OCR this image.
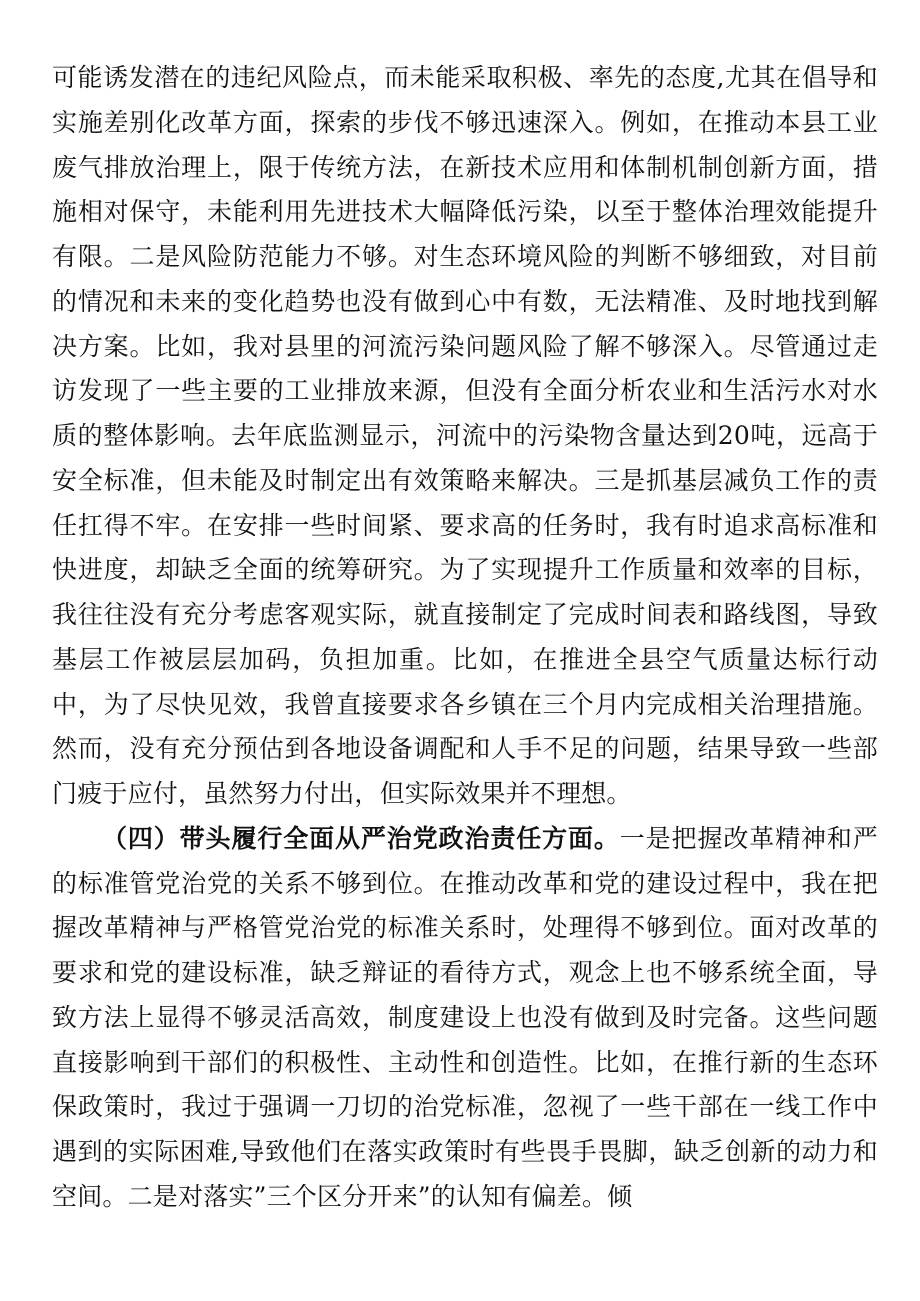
可能诱发潜在的违纪风险点，而未能采取积极、率先的态度,尤其在倡导和实施差别化改革方面，探索的步伐不够迅速深入。例如，在推动本县工业废气排放治理上，限于传统方法，在新技术应用和体制机制创新方面，措施相对保守，未能利用先进技术大幅降低污染，以至于整体治理效能提升有限。二是风险防范能力不够。对生态环境风险的判断不够细致，对目前的情况和未来的变化趋势也没有做到心中有数，无法精准、及时地找到解决方案。比如，我对县里的河流污染问题风险了解不够深入。尽管通过走访发现了一些主要的工业排放来源，但没有全面分析农业和生活污水对水质的整体影响。去年底监测显示，河流中的污染物含量达到20吨，远高于安全标准，但未能及时制定出有效策略来解决。三是抓基层减负工作的责任扛得不牢。在安排一些时间紧、要求高的任务时，我有时追求高标准和快进度，却缺乏全面的统筹研究。为了实现提升工作质量和效率的目标，我往往没有充分考虑客观实际，就直接制定了完成时间表和路线图，导致基层工作被层层加码，负担加重。比如，在推进全县空气质量达标行动中，为了尽快见效，我曾直接要求各乡镇在三个月内完成相关治理措施。然而，没有充分预估到各地设备调配和人手不足的问题，结果导致一些部门疲于应付，虽然努力付出，但实际效果并不理想。

（四）带头履行全面从严治党政治责任方面。一是把握改革精神和严的标准管党治党的关系不够到位。在推动改革和党的建设过程中，我在把握改革精神与严格管党治党的标准关系时，处理得不够到位。面对改革的要求和党的建设标准，缺乏辩证的看待方式，观念上也不够系统全面，导致方法上显得不够灵活高效，制度建设上也没有做到及时完备。这些问题直接影响到干部们的积极性、主动性和创造性。比如，在推行新的生态环保政策时，我过于强调一刀切的治党标准，忽视了一些干部在一线工作中遇到的实际困难,导致他们在落实政策时有些畏手畏脚，缺乏创新的动力和空间。二是对落实”三个区分开来”的认知有偏差。倾
